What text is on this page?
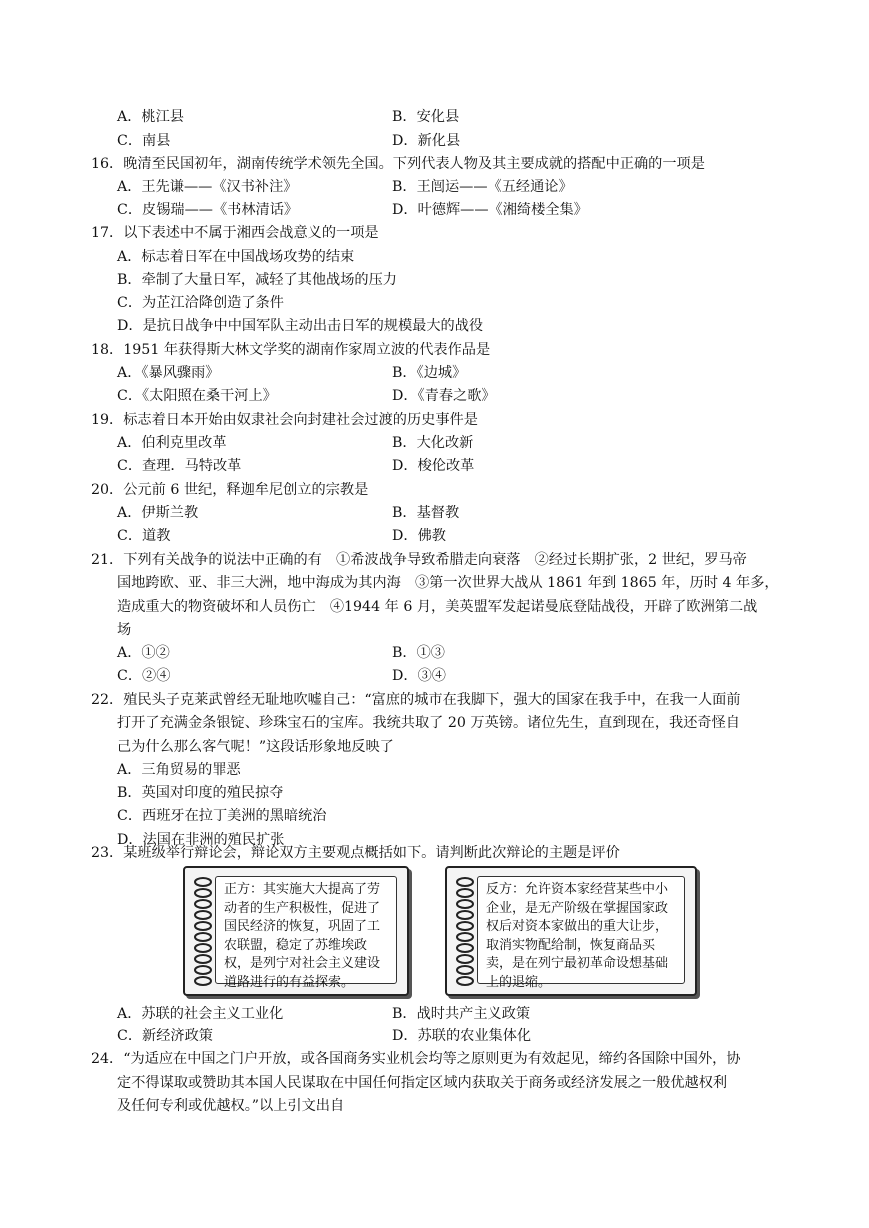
A．桃江县	B．安化县
C．南县	D．新化县
16．晚清至民国初年，湖南传统学术领先全国。下列代表人物及其主要成就的搭配中正确的一项是
A．王先谦——《汉书补注》	B．王闿运——《五经通论》
C．皮锡瑞——《书林清话》	D．叶德辉——《湘绮楼全集》
17．以下表述中不属于湘西会战意义的一项是
A．标志着日军在中国战场攻势的结束
B．牵制了大量日军，减轻了其他战场的压力
C．为芷江洽降创造了条件
D．是抗日战争中中国军队主动出击日军的规模最大的战役
18．1951 年获得斯大林文学奖的湖南作家周立波的代表作品是
A．《暴风骤雨》	B．《边城》
C．《太阳照在桑干河上》	D．《青春之歌》
19．标志着日本开始由奴隶社会向封建社会过渡的历史事件是
A．伯利克里改革	B．大化改新
C．查理．马特改革	D．梭伦改革
20．公元前 6 世纪，释迦牟尼创立的宗教是
A．伊斯兰教	B．基督教
C．道教	D．佛教
21．下列有关战争的说法中正确的有　①希波战争导致希腊走向衰落　②经过长期扩张，2 世纪，罗马帝
国地跨欧、亚、非三大洲，地中海成为其内海　③第一次世界大战从 1861 年到 1865 年，历时 4 年多，
造成重大的物资破坏和人员伤亡　④1944 年 6 月，美英盟军发起诺曼底登陆战役，开辟了欧洲第二战
场
A．①②	B．①③
C．②④	D．③④
22．殖民头子克莱武曾经无耻地吹嘘自己：“富庶的城市在我脚下，强大的国家在我手中，在我一人面前
打开了充满金条银锭、珍珠宝石的宝库。我统共取了 20 万英镑。诸位先生，直到现在，我还奇怪自
己为什么那么客气呢！”这段话形象地反映了
A．三角贸易的罪恶
B．英国对印度的殖民掠夺
C．西班牙在拉丁美洲的黑暗统治
D．法国在非洲的殖民扩张
23．某班级举行辩论会，辩论双方主要观点概括如下。请判断此次辩论的主题是评价
正方：其实施大大提高了劳动者的生产积极性，促进了国民经济的恢复，巩固了工农联盟，稳定了苏维埃政权，是列宁对社会主义建设道路进行的有益探索。
反方：允许资本家经营某些中小企业，是无产阶级在掌握国家政权后对资本家做出的重大让步，取消实物配给制，恢复商品买卖，是在列宁最初革命设想基础上的退缩。
A．苏联的社会主义工业化	B．战时共产主义政策
C．新经济政策	D．苏联的农业集体化
24．“为适应在中国之门户开放，或各国商务实业机会均等之原则更为有效起见，缔约各国除中国外，协
定不得谋取或赞助其本国人民谋取在中国任何指定区域内获取关于商务或经济发展之一般优越权利
及任何专利或优越权。”以上引文出自
